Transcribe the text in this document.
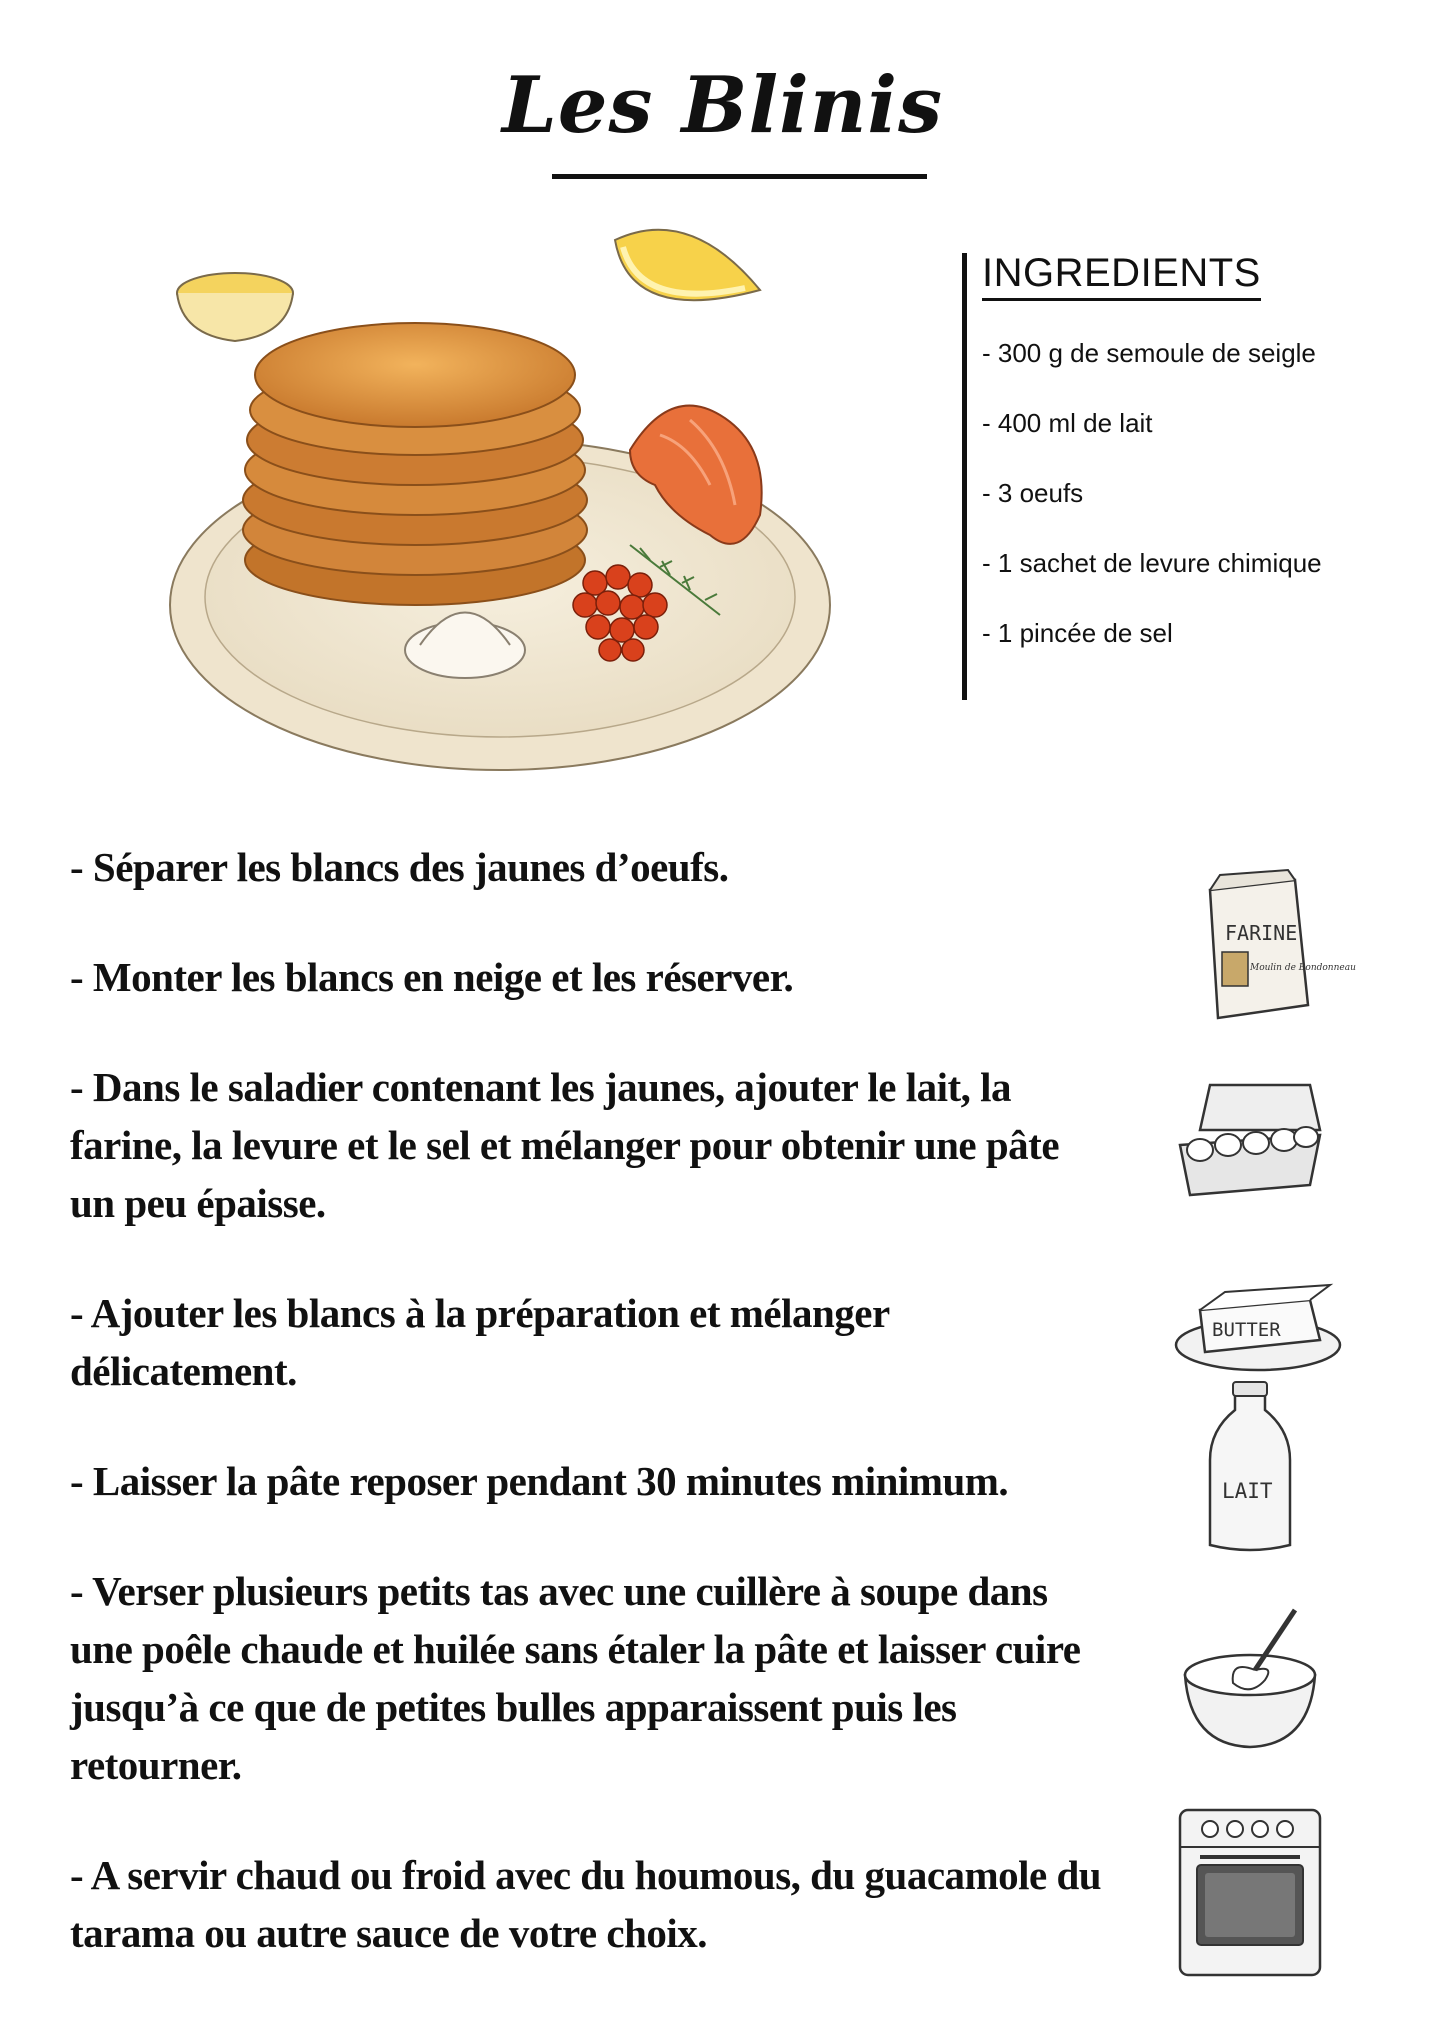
Les Blinis
INGREDIENTS
- 300 g de semoule de seigle
- 400 ml de lait
- 3 oeufs
- 1 sachet de levure chimique
- 1 pincée de sel

- Séparer les blancs des jaunes d’oeufs.

- Monter les blancs en neige et les réserver.

- Dans le saladier contenant les jaunes, ajouter le lait, la farine, la levure et le sel et mélanger pour obtenir une pâte un peu épaisse.

- Ajouter les blancs à la préparation et mélanger délicatement.

- Laisser la pâte reposer pendant 30 minutes minimum.

- Verser plusieurs petits tas avec une cuillère à soupe dans une poêle chaude et huilée sans étaler la pâte et laisser cuire jusqu’à ce que de petites bulles apparaissent puis les retourner.

- A servir chaud ou froid avec du houmous, du guacamole du tarama ou autre sauce de votre choix.

FARINE
Moulin de Bondonneau
BUTTER
LAIT
